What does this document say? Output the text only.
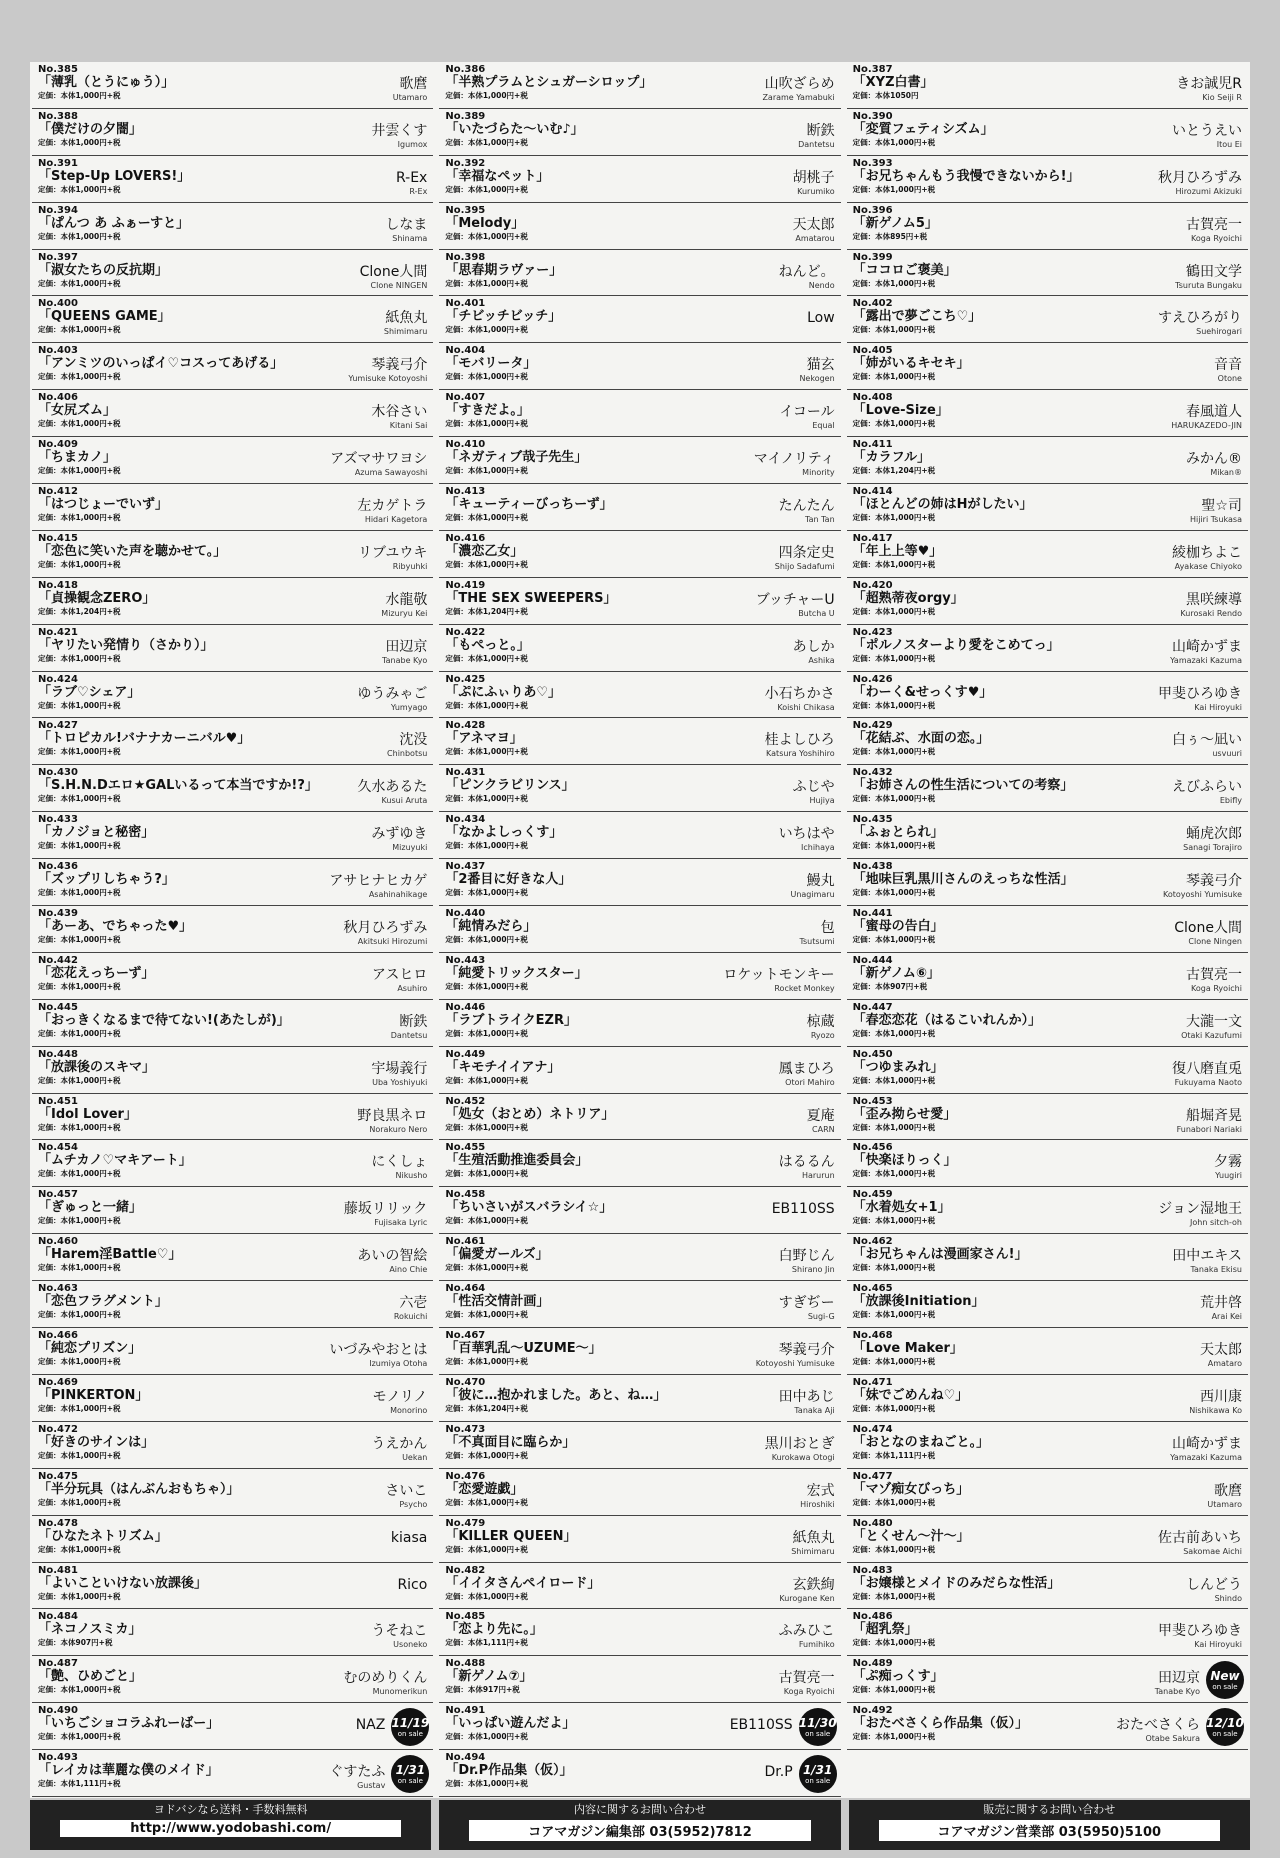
No.385
「薄乳（とうにゅう）」
定価：本体1,000円+税
歌麿
Utamaro
No.388
「僕だけの夕闇」
定価：本体1,000円+税
井雲くす
Igumox
No.391
「Step-Up LOVERS!」
定価：本体1,000円+税
R-Ex
R-Ex
No.394
「ぱんつ あ ふぁーすと」
定価：本体1,000円+税
しなま
Shinama
No.397
「淑女たちの反抗期」
定価：本体1,000円+税
Clone人間
Clone NINGEN
No.400
「QUEENS GAME」
定価：本体1,000円+税
紙魚丸
Shimimaru
No.403
「アンミツのいっぱイ♡コスってあげる」
定価：本体1,000円+税
琴義弓介
Yumisuke Kotoyoshi
No.406
「女尻ズム」
定価：本体1,000円+税
木谷さい
Kitani Sai
No.409
「ちまカノ」
定価：本体1,000円+税
アズマサワヨシ
Azuma Sawayoshi
No.412
「はつじょーでいず」
定価：本体1,000円+税
左カゲトラ
Hidari Kagetora
No.415
「恋色に笑いた声を聴かせて。」
定価：本体1,000円+税
リブユウキ
Ribyuhki
No.418
「貞操観念ZERO」
定価：本体1,204円+税
水龍敬
Mizuryu Kei
No.421
「ヤリたい発情り（さかり）」
定価：本体1,000円+税
田辺京
Tanabe Kyo
No.424
「ラブ♡シェア」
定価：本体1,000円+税
ゆうみゃご
Yumyago
No.427
「トロピカル!バナナカーニバル♥」
定価：本体1,000円+税
沈没
Chinbotsu
No.430
「S.H.N.Dエロ★GALいるって本当ですか!?」
定価：本体1,000円+税
久水あるた
Kusui Aruta
No.433
「カノジョと秘密」
定価：本体1,000円+税
みずゆき
Mizuyuki
No.436
「ズップリしちゃう?」
定価：本体1,000円+税
アサヒナヒカゲ
Asahinahikage
No.439
「あーあ、でちゃった♥」
定価：本体1,000円+税
秋月ひろずみ
Akitsuki Hirozumi
No.442
「恋花えっちーず」
定価：本体1,000円+税
アスヒロ
Asuhiro
No.445
「おっきくなるまで待てない!(あたしが)」
定価：本体1,000円+税
断鉄
Dantetsu
No.448
「放課後のスキマ」
定価：本体1,000円+税
宇場義行
Uba Yoshiyuki
No.451
「Idol Lover」
定価：本体1,000円+税
野良黒ネロ
Norakuro Nero
No.454
「ムチカノ♡マキアート」
定価：本体1,000円+税
にくしょ
Nikusho
No.457
「ぎゅっと一緒」
定価：本体1,000円+税
藤坂リリック
Fujisaka Lyric
No.460
「Harem淫Battle♡」
定価：本体1,000円+税
あいの智絵
Aino Chie
No.463
「恋色フラグメント」
定価：本体1,000円+税
六壱
Rokuichi
No.466
「純恋プリズン」
定価：本体1,000円+税
いづみやおとは
Izumiya Otoha
No.469
「PINKERTON」
定価：本体1,000円+税
モノリノ
Monorino
No.472
「好きのサインは」
定価：本体1,000円+税
うえかん
Uekan
No.475
「半分玩具（はんぶんおもちゃ）」
定価：本体1,000円+税
さいこ
Psycho
No.478
「ひなたネトリズム」
定価：本体1,000円+税
kiasa
No.481
「よいこといけない放課後」
定価：本体1,000円+税
Rico
No.484
「ネコノスミカ」
定価：本体907円+税
うそねこ
Usoneko
No.487
「艶、ひめごと」
定価：本体1,000円+税
むのめりくん
Munomerikun
No.490
「いちごショコラふれーばー」
定価：本体1,000円+税
NAZ 11/19
on sale
No.493
「レイカは華麗な僕のメイド」
定価：本体1,111円+税
ぐすたふ
Gustav
1/31
on sale
No.386
「半熟プラムとシュガーシロップ」
定価：本体1,000円+税
山吹ざらめ
Zarame Yamabuki
No.389
「いたづらた～いむ♪」
定価：本体1,000円+税
断鉄
Dantetsu
No.392
「幸福なペット」
定価：本体1,000円+税
胡桃子
Kurumiko
No.395
「Melody」
定価：本体1,000円+税
天太郎
Amatarou
No.398
「思春期ラヴァー」
定価：本体1,000円+税
ねんど。
Nendo
No.401
「チビッチビッチ」
定価：本体1,000円+税
Low
No.404
「モバリータ」
定価：本体1,000円+税
猫玄
Nekogen
No.407
「すきだよ。」
定価：本体1,000円+税
イコール
Equal
No.410
「ネガティブ哉子先生」
定価：本体1,000円+税
マイノリティ
Minority
No.413
「キューティーびっちーず」
定価：本体1,000円+税
たんたん
Tan Tan
No.416
「濃恋乙女」
定価：本体1,000円+税
四条定史
Shijo Sadafumi
No.419
「THE SEX SWEEPERS」
定価：本体1,204円+税
ブッチャーU
Butcha U
No.422
「もぺっと。」
定価：本体1,000円+税
あしか
Ashika
No.425
「ぷにふぃりあ♡」
定価：本体1,000円+税
小石ちかさ
Koishi Chikasa
No.428
「アネマヨ」
定価：本体1,000円+税
桂よしひろ
Katsura Yoshihiro
No.431
「ピンクラビリンス」
定価：本体1,000円+税
ふじや
Hujiya
No.434
「なかよしっくす」
定価：本体1,000円+税
いちはや
Ichihaya
No.437
「2番目に好きな人」
定価：本体1,000円+税
鰻丸
Unagimaru
No.440
「純情みだら」
定価：本体1,000円+税
包
Tsutsumi
No.443
「純愛トリックスター」
定価：本体1,000円+税
ロケットモンキー
Rocket Monkey
No.446
「ラブトライクEZR」
定価：本体1,000円+税
椋蔵
Ryozo
No.449
「キモチイイアナ」
定価：本体1,000円+税
鳳まひろ
Otori Mahiro
No.452
「処女（おとめ）ネトリア」
定価：本体1,000円+税
夏庵
CARN
No.455
「生殖活動推進委員会」
定価：本体1,000円+税
はるるん
Harurun
No.458
「ちいさいがスバラシイ☆」
定価：本体1,000円+税
EB110SS
No.461
「偏愛ガールズ」
定価：本体1,000円+税
白野じん
Shirano Jin
No.464
「性活交情計画」
定価：本体1,000円+税
すぎぢー
Sugi-G
No.467
「百華乳乱～UZUME～」
定価：本体1,000円+税
琴義弓介
Kotoyoshi Yumisuke
No.470
「彼に…抱かれました。あと、ね…」
定価：本体1,204円+税
田中あじ
Tanaka Aji
No.473
「不真面目に臨らか」
定価：本体1,000円+税
黒川おとぎ
Kurokawa Otogi
No.476
「恋愛遊戯」
定価：本体1,000円+税
宏式
Hiroshiki
No.479
「KILLER QUEEN」
定価：本体1,000円+税
紙魚丸
Shimimaru
No.482
「イイタさんペイロード」
定価：本体1,000円+税
玄鉄絢
Kurogane Ken
No.485
「恋より先に。」
定価：本体1,111円+税
ふみひこ
Fumihiko
No.488
「新ゲノム⑦」
定価：本体917円+税
古賀亮一
Koga Ryoichi
No.491
「いっぱい遊んだよ」
定価：本体1,000円+税
EB110SS 11/30
on sale
No.494
「Dr.P作品集（仮）」
定価：本体1,000円+税
Dr.P 1/31
on sale
No.387
「XYZ白書」
定価：本体1050円
きお誠児R
Kio Seiji R
No.390
「変質フェティシズム」
定価：本体1,000円+税
いとうえい
Itou Ei
No.393
「お兄ちゃんもう我慢できないから!」
定価：本体1,000円+税
秋月ひろずみ
Hirozumi Akizuki
No.396
「新ゲノム5」
定価：本体895円+税
古賀亮一
Koga Ryoichi
No.399
「ココロご褒美」
定価：本体1,000円+税
鶴田文学
Tsuruta Bungaku
No.402
「露出で夢ごこち♡」
定価：本体1,000円+税
すえひろがり
Suehirogari
No.405
「姉がいるキセキ」
定価：本体1,000円+税
音音
Otone
No.408
「Love-Size」
定価：本体1,000円+税
春風道人
HARUKAZEDO-JIN
No.411
「カラフル」
定価：本体1,204円+税
みかん®
Mikan®
No.414
「ほとんどの姉はHがしたい」
定価：本体1,000円+税
聖☆司
Hijiri Tsukasa
No.417
「年上上等♥」
定価：本体1,000円+税
綾枷ちよこ
Ayakase Chiyoko
No.420
「超熟蒂夜orgy」
定価：本体1,000円+税
黒咲練導
Kurosaki Rendo
No.423
「ポルノスターより愛をこめてっ」
定価：本体1,000円+税
山崎かずま
Yamazaki Kazuma
No.426
「わーく&せっくす♥」
定価：本体1,000円+税
甲斐ひろゆき
Kai Hiroyuki
No.429
「花結ぶ、水面の恋。」
定価：本体1,000円+税
白ぅ～凪い
usvuuri
No.432
「お姉さんの性生活についての考察」
定価：本体1,000円+税
えびふらい
Ebifly
No.435
「ふぉとられ」
定価：本体1,000円+税
蛹虎次郎
Sanagi Torajiro
No.438
「地味巨乳黒川さんのえっちな性活」
定価：本体1,000円+税
琴義弓介
Kotoyoshi Yumisuke
No.441
「蜜母の告白」
定価：本体1,000円+税
Clone人間
Clone Ningen
No.444
「新ゲノム⑥」
定価：本体907円+税
古賀亮一
Koga Ryoichi
No.447
「春恋恋花（はるこいれんか）」
定価：本体1,000円+税
大瀧一文
Otaki Kazufumi
No.450
「つゆまみれ」
定価：本体1,000円+税
復八磨直兎
Fukuyama Naoto
No.453
「歪み拗らせ愛」
定価：本体1,000円+税
船堀斉晃
Funabori Nariaki
No.456
「快楽ほりっく」
定価：本体1,000円+税
夕霧
Yuugiri
No.459
「水着処女+1」
定価：本体1,000円+税
ジョン湿地王
John sitch-oh
No.462
「お兄ちゃんは漫画家さん!」
定価：本体1,000円+税
田中エキス
Tanaka Ekisu
No.465
「放課後Initiation」
定価：本体1,000円+税
荒井啓
Arai Kei
No.468
「Love Maker」
定価：本体1,000円+税
天太郎
Amataro
No.471
「妹でごめんね♡」
定価：本体1,000円+税
西川康
Nishikawa Ko
No.474
「おとなのまねごと。」
定価：本体1,111円+税
山崎かずま
Yamazaki Kazuma
No.477
「マゾ痴女びっち」
定価：本体1,000円+税
歌麿
Utamaro
No.480
「とくせん～汁～」
定価：本体1,000円+税
佐古前あいち
Sakomae Aichi
No.483
「お嬢様とメイドのみだらな性活」
定価：本体1,000円+税
しんどう
Shindo
No.486
「超乳祭」
定価：本体1,000円+税
甲斐ひろゆき
Kai Hiroyuki
No.489
「ぷ痴っくす」
定価：本体1,000円+税
田辺京
Tanabe Kyo
New
on sale
No.492
「おたべさくら作品集（仮）」
定価：本体1,000円+税
おたべさくら
Otabe Sakura
12/10
on sale
ヨドバシなら送料・手数料無料
http://www.yodobashi.com/
内容に関するお問い合わせ
コアマガジン編集部 03(5952)7812
販売に関するお問い合わせ
コアマガジン営業部 03(5950)5100
